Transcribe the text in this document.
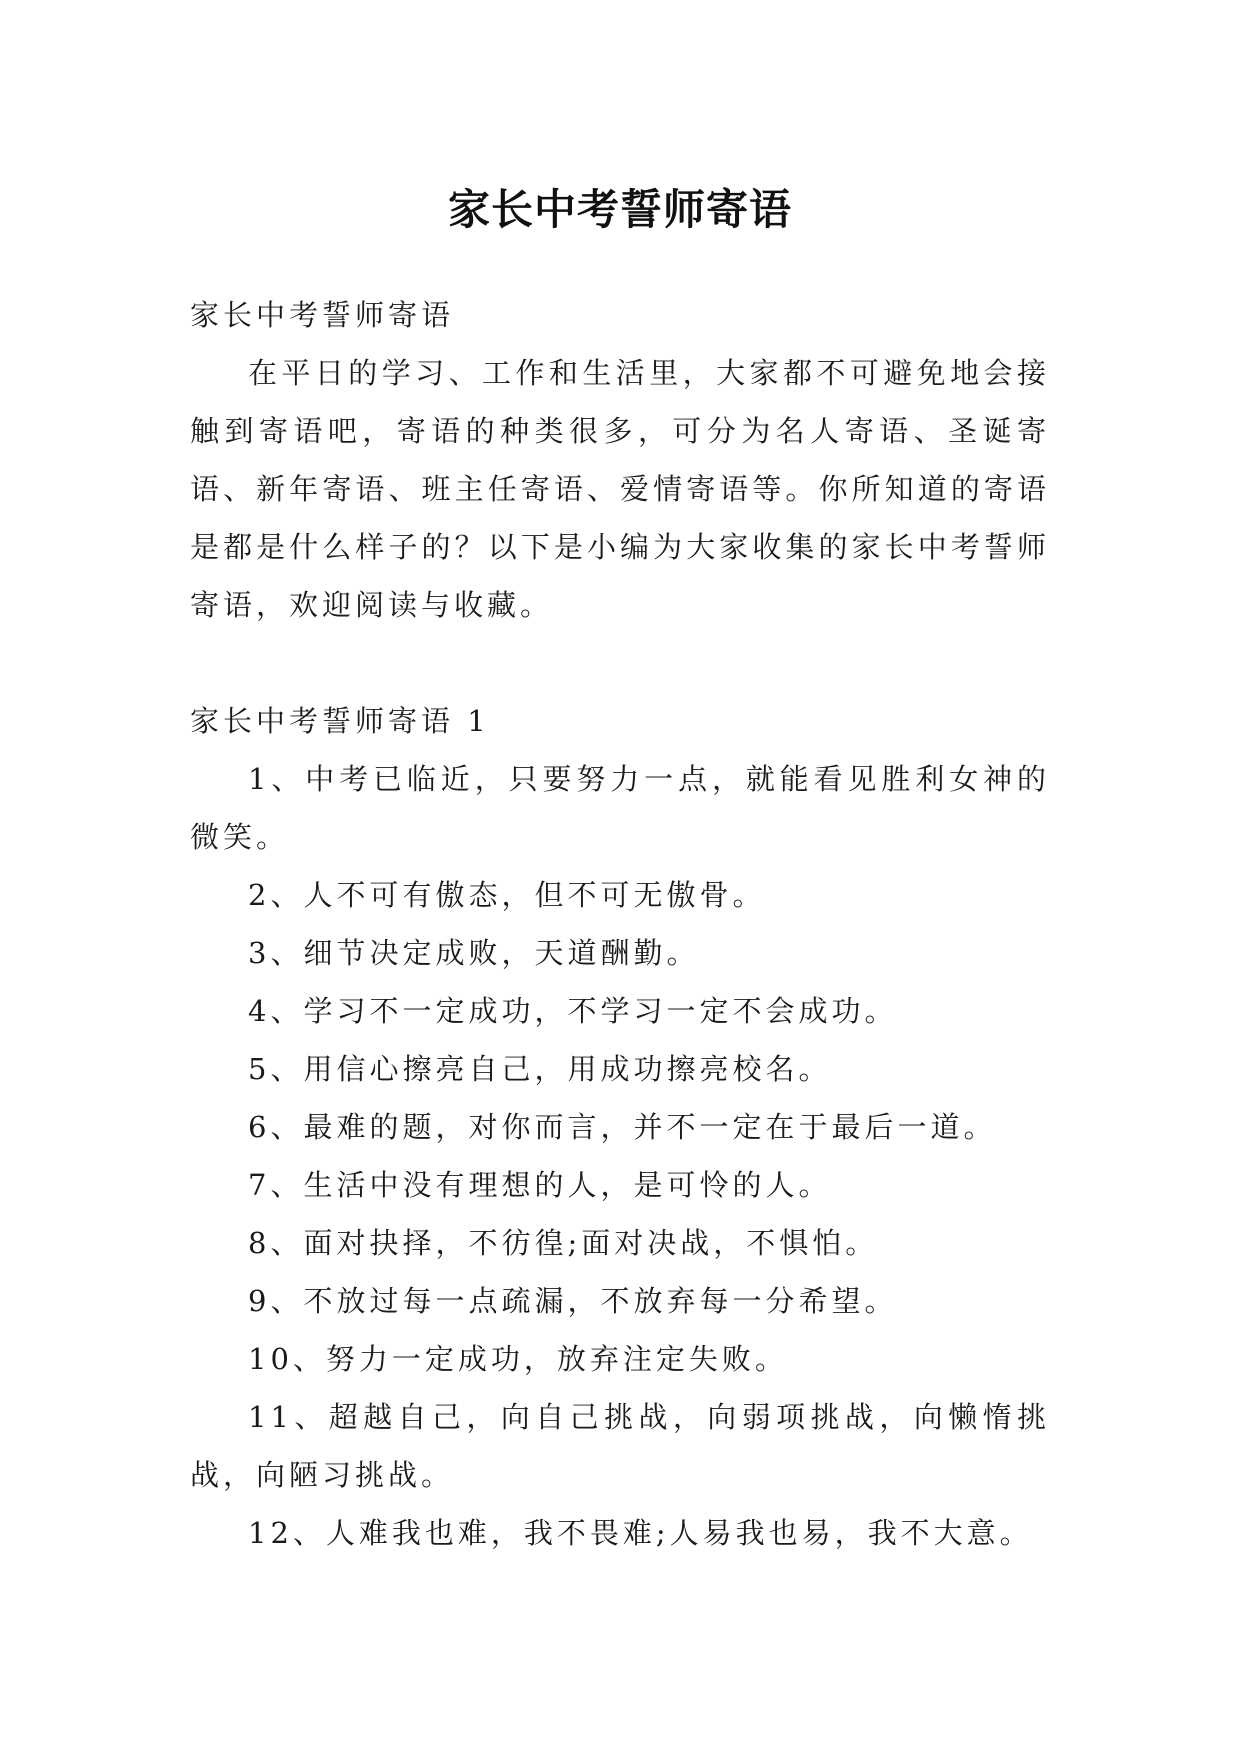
家长中考誓师寄语

家长中考誓师寄语

在平日的学习、工作和生活里，大家都不可避免地会接触到寄语吧，寄语的种类很多，可分为名人寄语、圣诞寄语、新年寄语、班主任寄语、爱情寄语等。你所知道的寄语是都是什么样子的？以下是小编为大家收集的家长中考誓师寄语，欢迎阅读与收藏。

家长中考誓师寄语 1

1、中考已临近，只要努力一点，就能看见胜利女神的微笑。

2、人不可有傲态，但不可无傲骨。

3、细节决定成败，天道酬勤。

4、学习不一定成功，不学习一定不会成功。

5、用信心擦亮自己，用成功擦亮校名。

6、最难的题，对你而言，并不一定在于最后一道。

7、生活中没有理想的人，是可怜的人。

8、面对抉择，不彷徨;面对决战，不惧怕。

9、不放过每一点疏漏，不放弃每一分希望。

10、努力一定成功，放弃注定失败。

11、超越自己，向自己挑战，向弱项挑战，向懒惰挑战，向陋习挑战。

12、人难我也难，我不畏难;人易我也易，我不大意。
